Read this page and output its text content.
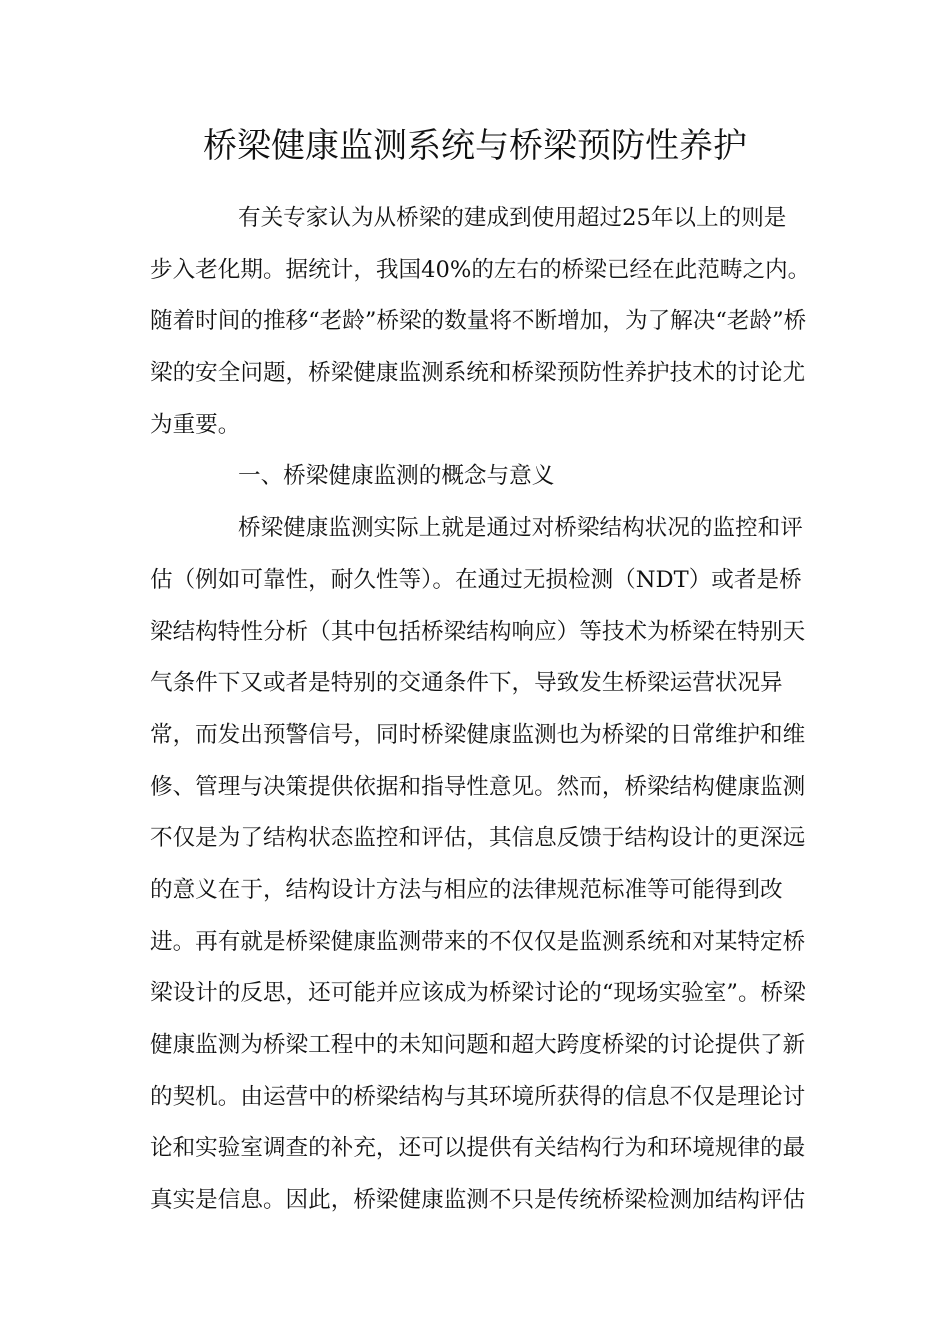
桥梁健康监测系统与桥梁预防性养护
有关专家认为从桥梁的建成到使用超过25年以上的则是
步入老化期。据统计，我国40%的左右的桥梁已经在此范畴之内。
随着时间的推移“老龄”桥梁的数量将不断增加，为了解决“老龄”桥
梁的安全问题，桥梁健康监测系统和桥梁预防性养护技术的讨论尤
为重要。
一、桥梁健康监测的概念与意义
桥梁健康监测实际上就是通过对桥梁结构状况的监控和评
估（例如可靠性，耐久性等）。在通过无损检测（NDT）或者是桥
梁结构特性分析（其中包括桥梁结构响应）等技术为桥梁在特别天
气条件下又或者是特别的交通条件下，导致发生桥梁运营状况异
常，而发出预警信号，同时桥梁健康监测也为桥梁的日常维护和维
修、管理与决策提供依据和指导性意见。然而，桥梁结构健康监测
不仅是为了结构状态监控和评估，其信息反馈于结构设计的更深远
的意义在于，结构设计方法与相应的法律规范标准等可能得到改
进。再有就是桥梁健康监测带来的不仅仅是监测系统和对某特定桥
梁设计的反思，还可能并应该成为桥梁讨论的“现场实验室”。桥梁
健康监测为桥梁工程中的未知问题和超大跨度桥梁的讨论提供了新
的契机。由运营中的桥梁结构与其环境所获得的信息不仅是理论讨
论和实验室调查的补充，还可以提供有关结构行为和环境规律的最
真实是信息。因此，桥梁健康监测不只是传统桥梁检测加结构评估
